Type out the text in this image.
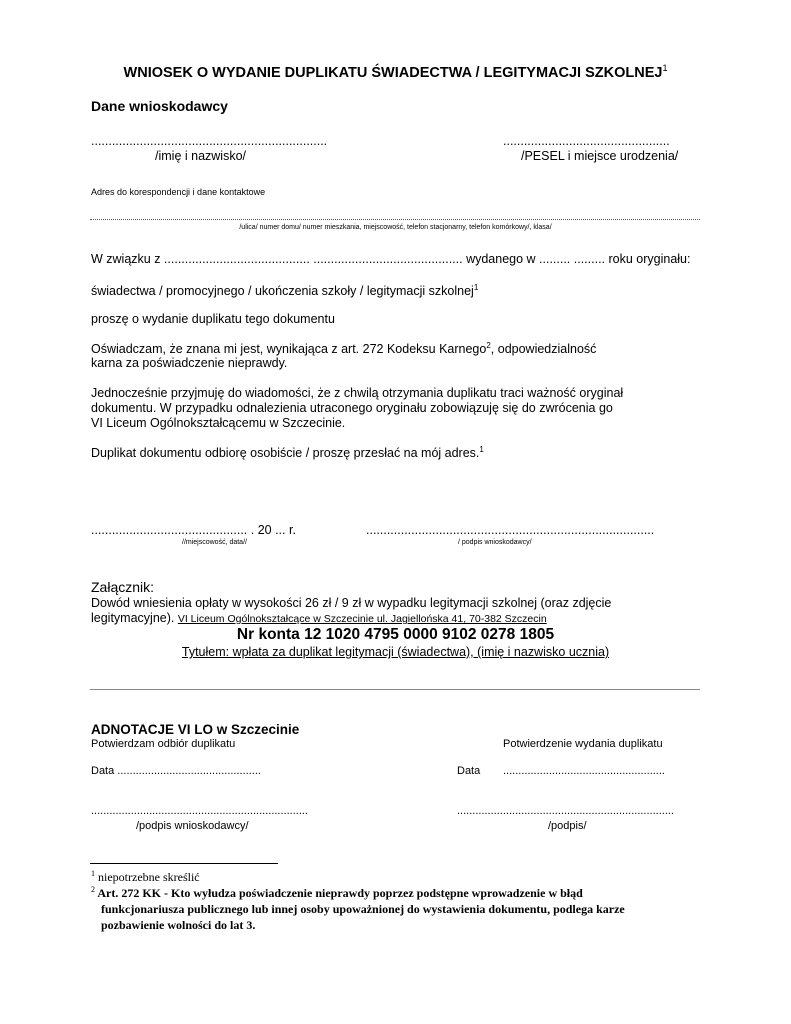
WNIOSEK O WYDANIE DUPLIKATU ŚWIADECTWA / LEGITYMACJI SZKOLNEJ$^1$
Dane wnioskodawcy
....................................................................
/imię i nazwisko/
................................................
/PESEL i miejsce urodzenia/
Adres do korespondencji i dane kontaktowe
/ulica/ numer domu/ numer mieszkania, miejscowość, telefon stacjonarny, telefon komórkowy/, klasa/
W związku z .......................................... ........................................... wydanego w ......... ......... roku oryginału:
świadectwa / promocyjnego / ukończenia szkoły / legitymacji szkolnej$^1$
proszę o wydanie duplikatu tego dokumentu
Oświadczam, że znana mi jest, wynikająca z art. 272 Kodeksu Karnego$^2$, odpowiedzialność
karna za poświadczenie nieprawdy.
Jednocześnie przyjmuję do wiadomości, że z chwilą otrzymania duplikatu traci ważność oryginał
dokumentu. W przypadku odnalezienia utraconego oryginału zobowiązuję się do zwrócenia go
VI Liceum Ogólnokształcącemu w Szczecinie.
Duplikat dokumentu odbiorę osobiście / proszę przesłać na mój adres.$^1$
............................................. . 20 ... r.
//miejscowość, data//
...................................................................................
/ podpis wnioskodawcy/
Załącznik:
Dowód wniesienia opłaty w wysokości 26 zł / 9 zł w wypadku legitymacji szkolnej (oraz zdjęcie
legitymacyjne). VI Liceum Ogólnokształcące w Szczecinie ul. Jagiellońska 41, 70-382 Szczecin
Nr konta 12 1020 4795 0000 9102 0278 1805
Tytułem: wpłata za duplikat legitymacji (świadectwa), (imię i nazwisko ucznia)
ADNOTACJE VI LO w Szczecinie
Potwierdzam odbiór duplikatu	Potwierdzenie wydania duplikatu
Data ...............................................	Data .....................................................
.......................................................................
/podpis wnioskodawcy/
.......................................................................
/podpis/
$^1$ niepotrzebne skreślić
$^2$ Art. 272 KK - Kto wyłudza poświadczenie nieprawdy poprzez podstępne wprowadzenie w błąd
funkcjonariusza publicznego lub innej osoby upoważnionej do wystawienia dokumentu, podlega karze
pozbawienie wolności do lat 3.
